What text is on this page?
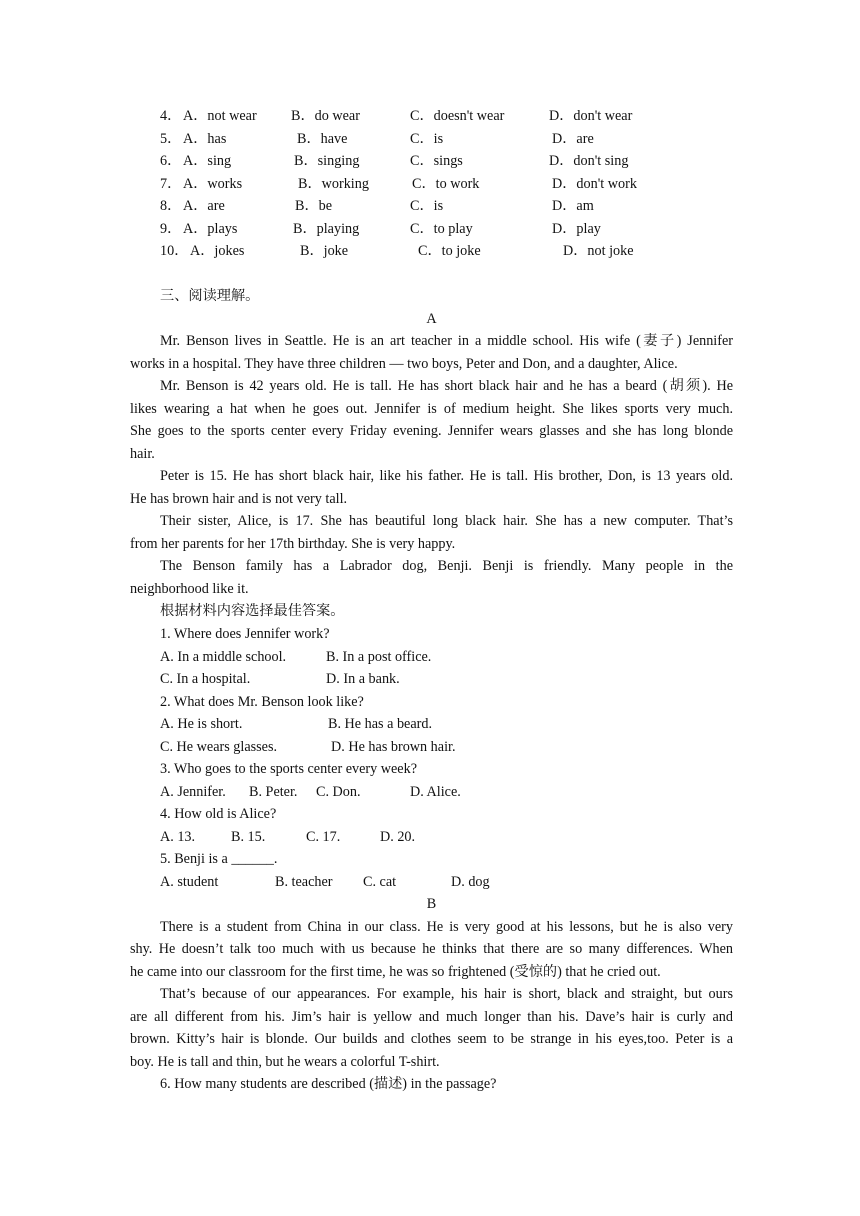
4． A．not wear B．do wear	C．doesn't wear	D．don't wear
5． A．has	B．have	C．is	D．are
6． A．sing	B．singing	C．sings	D．don't sing
7． A．works	B．working	C．to work	D．don't work
8． A．are	B．be	C．is	D．am
9． A．plays	B．playing	C．to play	D．play
10． A．jokes	B．joke	C．to joke	D．not joke
三、阅读理解。
A
Mr. Benson lives in Seattle. He is an art teacher in a middle school. His wife (妻子) Jennifer
works in a hospital. They have three children — two boys, Peter and Don, and a daughter, Alice.
Mr. Benson is 42 years old. He is tall. He has short black hair and he has a beard (胡须). He
likes wearing a hat when he goes out. Jennifer is of medium height. She likes sports very much.
She goes to the sports center every Friday evening. Jennifer wears glasses and she has long blonde
hair.
Peter is 15. He has short black hair, like his father. He is tall. His brother, Don, is 13 years old.
He has brown hair and is not very tall.
Their sister, Alice, is 17. She has beautiful long black hair. She has a new computer. That’s
from her parents for her 17th birthday. She is very happy.
The Benson family has a Labrador dog, Benji. Benji is friendly. Many people in the
neighborhood like it.
根据材料内容选择最佳答案。
1. Where does Jennifer work?
A. In a middle school.	B. In a post office.
C. In a hospital.	D. In a bank.
2. What does Mr. Benson look like?
A. He is short.	B. He has a beard.
C. He wears glasses.	D. He has brown hair.
3. Who goes to the sports center every week?
A. Jennifer. B. Peter. C. Don.	D. Alice.
4. How old is Alice?
A. 13.	B. 15.	C. 17.	D. 20.
5. Benji is a ______.
A. student	B. teacher C. cat	D. dog
B
There is a student from China in our class. He is very good at his lessons, but he is also very
shy. He doesn’t talk too much with us because he thinks that there are so many differences. When
he came into our classroom for the first time, he was so frightened (受惊的) that he cried out.
That’s because of our appearances. For example, his hair is short, black and straight, but ours
are all different from his. Jim’s hair is yellow and much longer than his. Dave’s hair is curly and
brown. Kitty’s hair is blonde. Our builds and clothes seem to be strange in his eyes,too. Peter is a
boy. He is tall and thin, but he wears a colorful T-shirt.
6. How many students are described (描述) in the passage?
